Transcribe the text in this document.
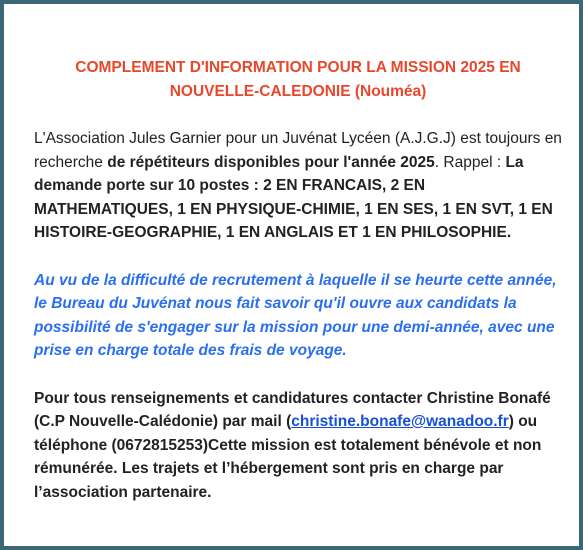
COMPLEMENT D'INFORMATION POUR LA MISSION 2025 EN
NOUVELLE-CALEDONIE (Nouméa)

L'Association Jules Garnier pour un Juvénat Lycéen (A.J.G.J) est toujours en recherche de répétiteurs disponibles pour l'année 2025. Rappel : La demande porte sur 10 postes : 2 EN FRANCAIS, 2 EN MATHEMATIQUES, 1 EN PHYSIQUE-CHIMIE, 1 EN SES, 1 EN SVT, 1 EN HISTOIRE-GEOGRAPHIE, 1 EN ANGLAIS ET 1 EN PHILOSOPHIE.

Au vu de la difficulté de recrutement à laquelle il se heurte cette année, le Bureau du Juvénat nous fait savoir qu'il ouvre aux candidats la possibilité de s'engager sur la mission pour une demi-année, avec une prise en charge totale des frais de voyage.

Pour tous renseignements et candidatures contacter Christine Bonafé (C.P Nouvelle-Calédonie) par mail (christine.bonafe@wanadoo.fr) ou téléphone (0672815253)Cette mission est totalement bénévole et non rémunérée. Les trajets et l’hébergement sont pris en charge par l’association partenaire.
